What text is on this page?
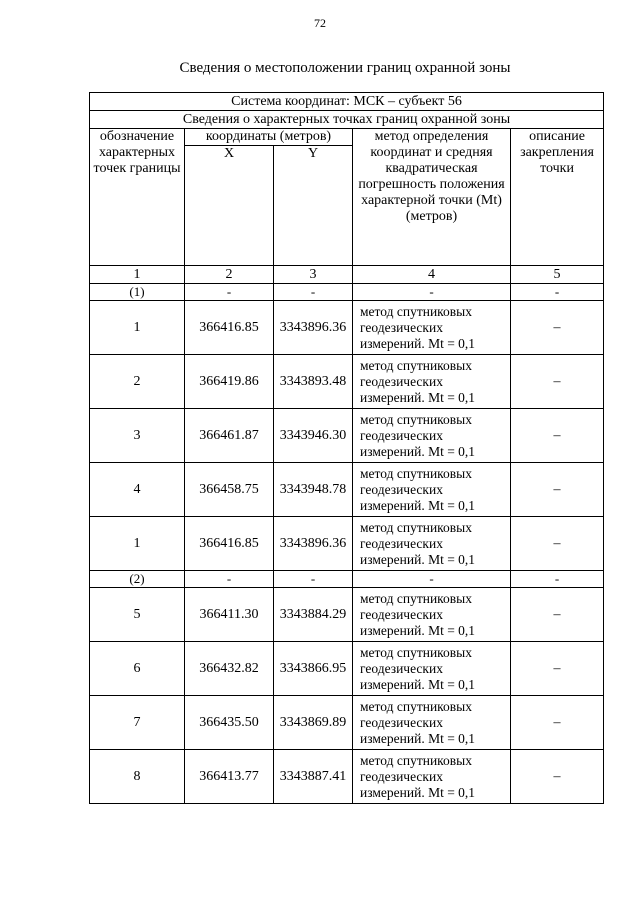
72
Сведения о местоположении границ охранной зоны
Система координат: МСК – субъект 56				
Сведения о характерных точках границ охранной зоны				
обозначение характерных точек границы	координаты (метров)		метод определения координат и средняя квадратическая погрешность положения характерной точки (Mt) (метров)	описание закрепления точки
	X	Y		
1	2	3	4	5
(1)	-	-	-	-
1	366416.85	3343896.36	метод спутниковых геодезических измерений. Mt = 0,1	–
2	366419.86	3343893.48	метод спутниковых геодезических измерений. Mt = 0,1	–
3	366461.87	3343946.30	метод спутниковых геодезических измерений. Mt = 0,1	–
4	366458.75	3343948.78	метод спутниковых геодезических измерений. Mt = 0,1	–
1	366416.85	3343896.36	метод спутниковых геодезических измерений. Mt = 0,1	–
(2)	-	-	-	-
5	366411.30	3343884.29	метод спутниковых геодезических измерений. Mt = 0,1	–
6	366432.82	3343866.95	метод спутниковых геодезических измерений. Mt = 0,1	–
7	366435.50	3343869.89	метод спутниковых геодезических измерений. Mt = 0,1	–
8	366413.77	3343887.41	метод спутниковых геодезических измерений. Mt = 0,1	–
